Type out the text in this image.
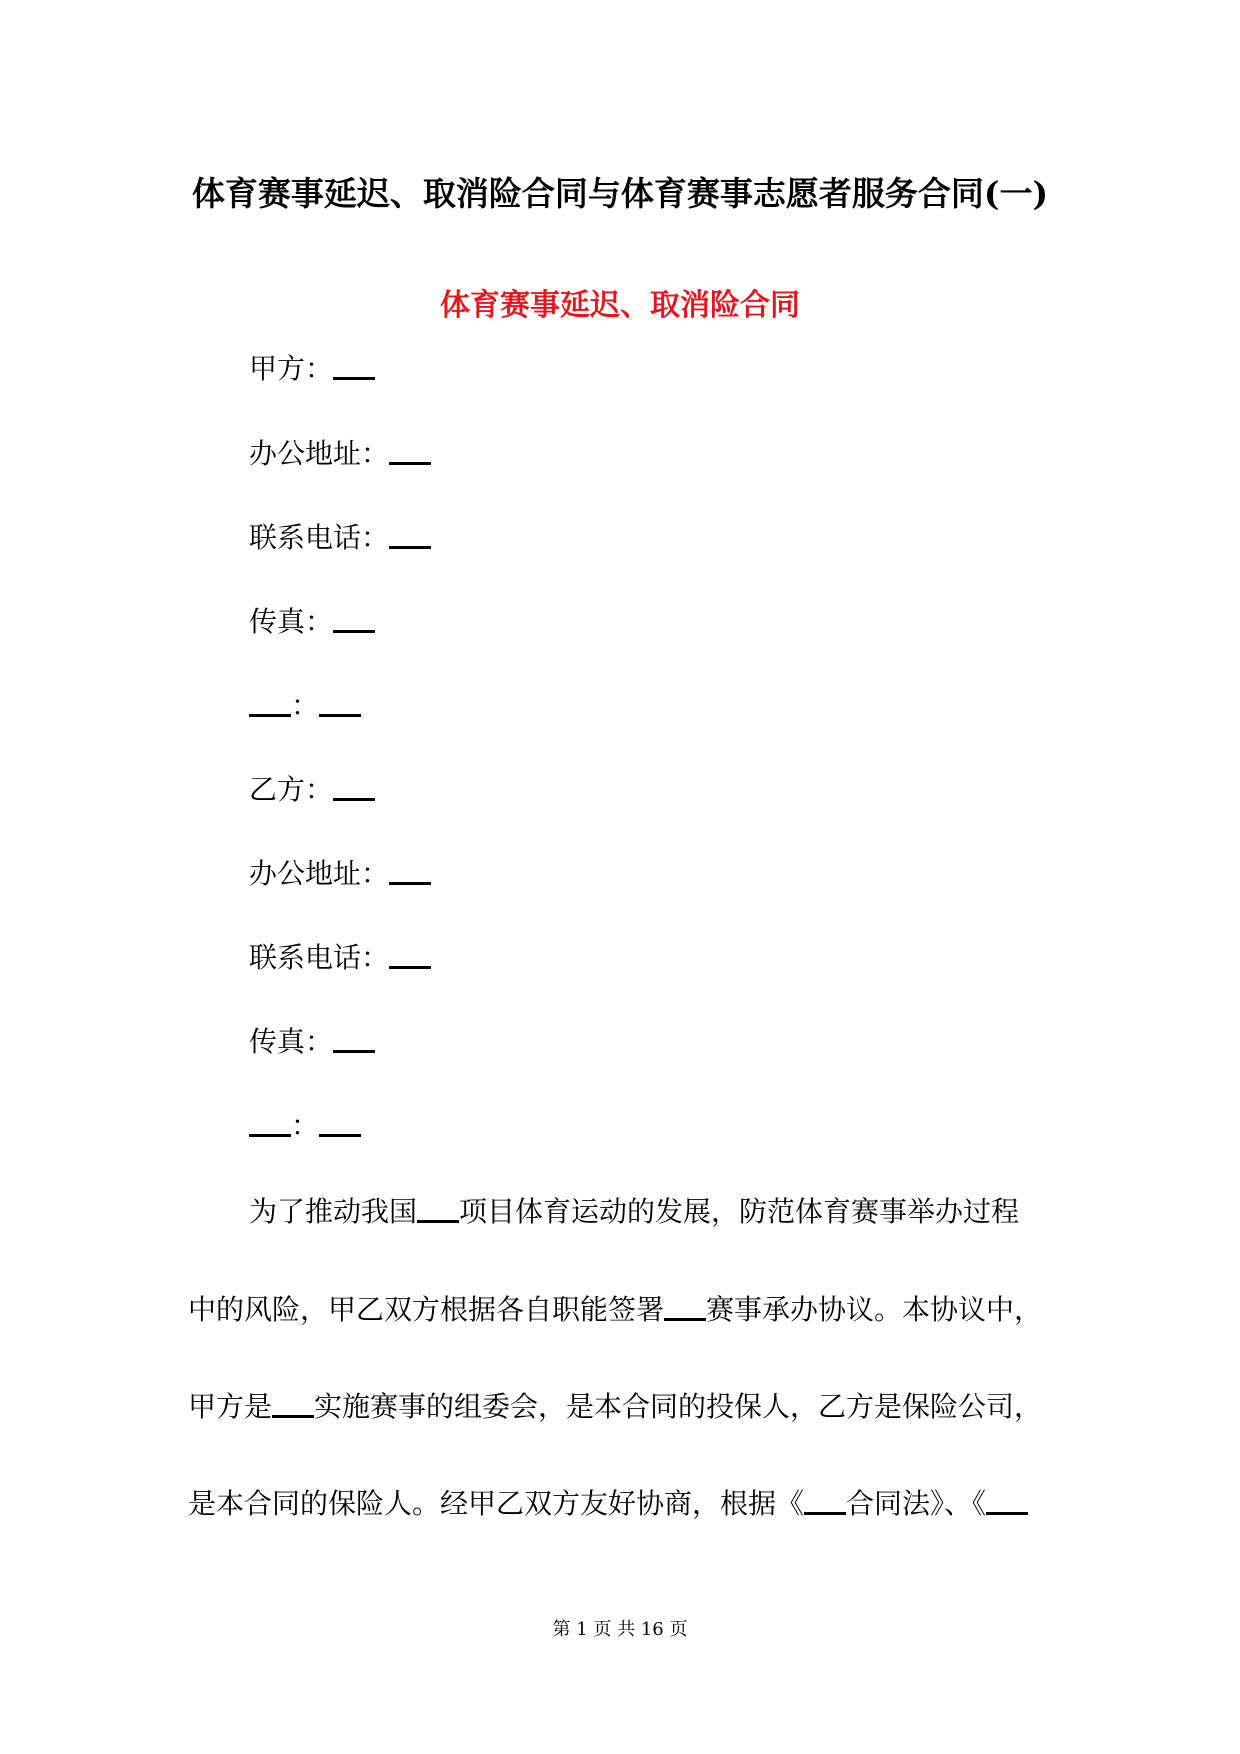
体育赛事延迟、取消险合同与体育赛事志愿者服务合同(一)
体育赛事延迟、取消险合同
甲方：
办公地址：
联系电话：
传真：
：
乙方：
办公地址：
联系电话：
传真：
：
为了推动我国 项目体育运动的发展，防范体育赛事举办过程
中的风险，甲乙双方根据各自职能签署 赛事承办协议。本协议中，
甲方是 实施赛事的组委会，是本合同的投保人，乙方是保险公司，
是本合同的保险人。经甲乙双方友好协商，根据《 合同法》、《
第 1 页 共 16 页
